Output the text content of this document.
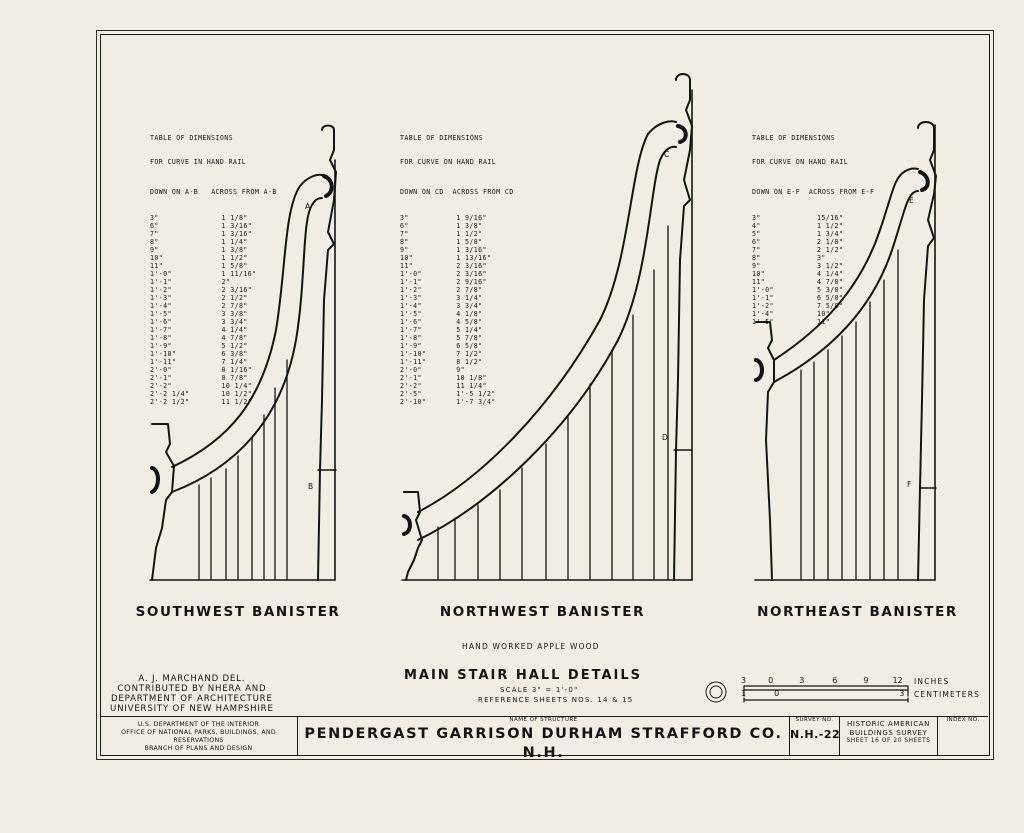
A
B
C
D
E
F

TABLE OF DIMENSIONS

FOR CURVE IN HAND RAIL

DOWN ON A-B ACROSS FROM A-B

3"	1 1/8"
6"	1 3/16"
7"	1 3/16"
8"	1 1/4"
9"	1 3/8"
10"	1 1/2"
11"	1 5/8"
1'-0"	1 11/16"
1'-1"	2"
1'-2"	2 3/16"
1'-3"	2 1/2"
1'-4"	2 7/8"
1'-5"	3 3/8"
1'-6"	3 3/4"
1'-7"	4 1/4"
1'-8"	4 7/8"
1'-9"	5 1/2"
1'-10"	6 3/8"
1'-11"	7 1/4"
2'-0"	8 1/16"
2'-1"	8 7/8"
2'-2"	10 1/4"
2'-2 1/4"	10 1/2"
2'-2 1/2"	11 1/2"

TABLE OF DIMENSIONS

FOR CURVE ON HAND RAIL

DOWN ON CD ACROSS FROM CD

3"	1 9/16"
6"	1 3/8"
7"	1 1/2"
8"	1 5/8"
9"	1 3/16"
10"	1 13/16"
11"	2 3/16"
1'-0"	2 3/16"
1'-1"	2 9/16"
1'-2"	2 7/8"
1'-3"	3 1/4"
1'-4"	3 3/4"
1'-5"	4 1/8"
1'-6"	4 5/8"
1'-7"	5 1/4"
1'-8"	5 7/8"
1'-9"	6 5/8"
1'-10"	7 1/2"
1'-11"	8 1/2"
2'-0"	9"
2'-1"	10 1/8"
2'-2"	11 1/4"
2'-5"	1'-5 1/2"
2'-10"	1'-7 3/4"

TABLE OF DIMENSIONS

FOR CURVE ON HAND RAIL

DOWN ON E-F ACROSS FROM E-F

3"	15/16"
4"	1 1/2"
5"	1 3/4"
6"	2 1/8"
7"	2 1/2"
8"	3"
9"	3 1/2"
10"	4 1/4"
11"	4 7/8"
1'-0"	5 3/8"
1'-1"	6 5/8"
1'-2"	7 5/8"
1'-4"	10"
1'-5"	11"

SOUTHWEST BANISTER	NORTHWEST BANISTER	NORTHEAST BANISTER
HAND WORKED APPLE WOOD
MAIN STAIR HALL DETAILS
SCALE 3" = 1'-0"
REFERENCE SHEETS NOS. 14 & 15
A. J. MARCHAND DEL.
CONTRIBUTED BY NHERA AND
DEPARTMENT OF ARCHITECTURE
UNIVERSITY OF NEW HAMPSHIRE
3	0	3	6	9	12 INCHES
1	0	3 CENTIMETERS
U.S. DEPARTMENT OF THE INTERIOR
OFFICE OF NATIONAL PARKS, BUILDINGS, AND RESERVATIONS
BRANCH OF PLANS AND DESIGN
NAME OF STRUCTURE
PENDERGAST GARRISON DURHAM STRAFFORD CO. N.H.
SURVEY NO.
N.H.-22
HISTORIC AMERICAN
BUILDINGS SURVEY
SHEET 16 OF 20 SHEETS
INDEX NO.
